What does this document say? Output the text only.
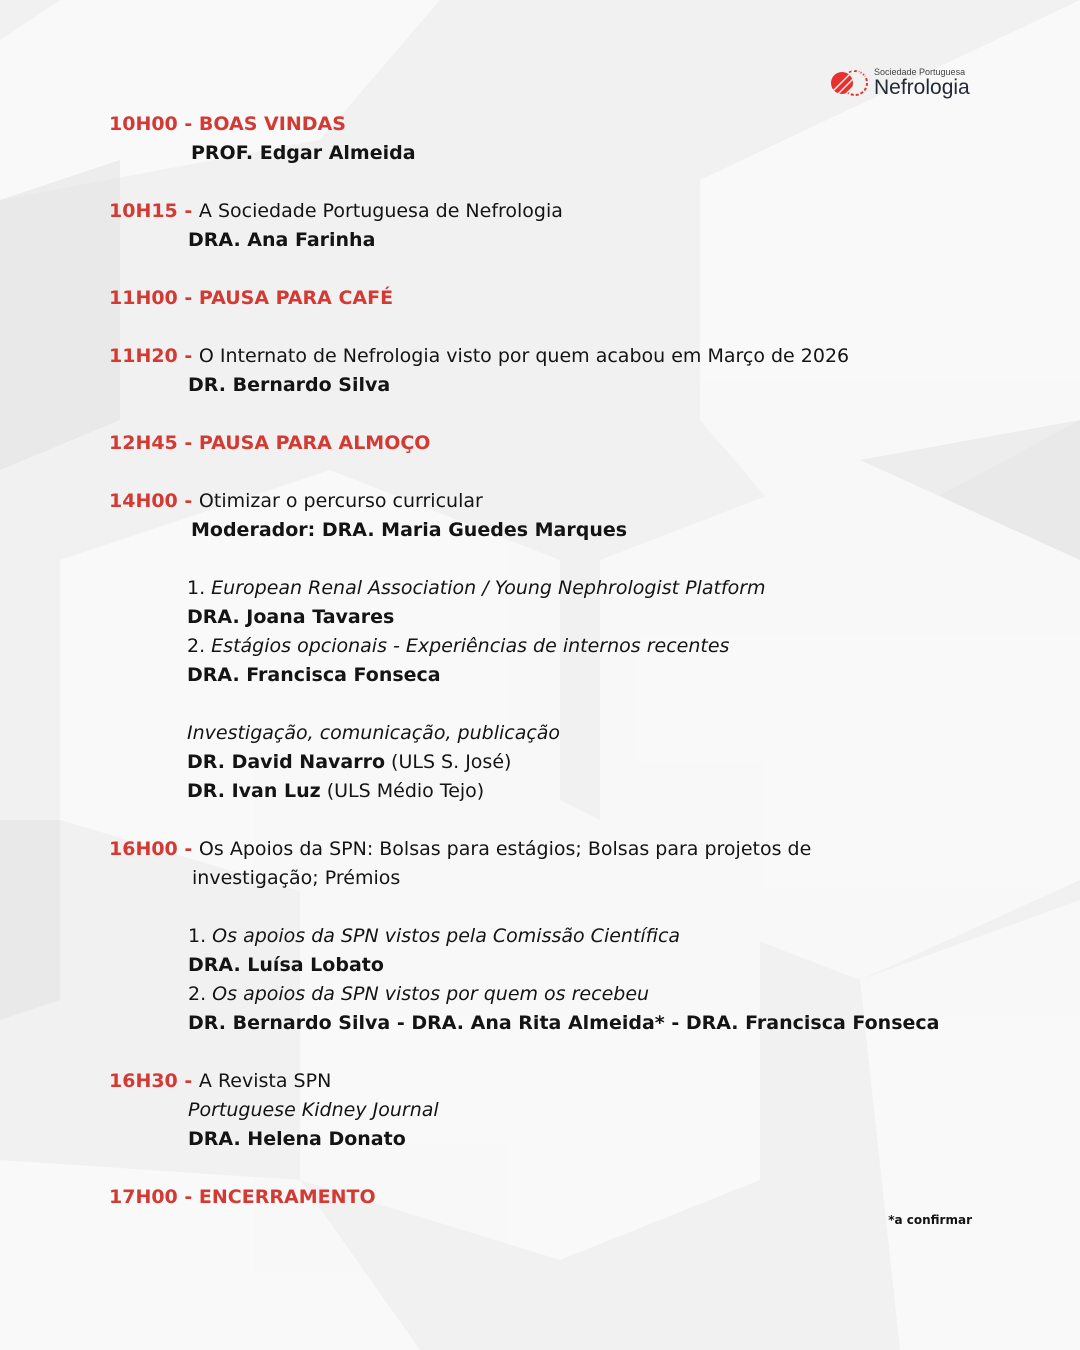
Sociedade Portuguesa
Nefrologia
10H00 - BOAS VINDAS
PROF. Edgar Almeida
10H15 - A Sociedade Portuguesa de Nefrologia
DRA. Ana Farinha
11H00 - PAUSA PARA CAFÉ
11H20 - O Internato de Nefrologia visto por quem acabou em Março de 2026
DR. Bernardo Silva
12H45 - PAUSA PARA ALMOÇO
14H00 - Otimizar o percurso curricular
Moderador: DRA. Maria Guedes Marques
1. European Renal Association / Young Nephrologist Platform
DRA. Joana Tavares
2. Estágios opcionais - Experiências de internos recentes
DRA. Francisca Fonseca
Investigação, comunicação, publicação
DR. David Navarro (ULS S. José)
DR. Ivan Luz (ULS Médio Tejo)
16H00 - Os Apoios da SPN: Bolsas para estágios; Bolsas para projetos de
investigação; Prémios
1. Os apoios da SPN vistos pela Comissão Científica
DRA. Luísa Lobato
2. Os apoios da SPN vistos por quem os recebeu
DR. Bernardo Silva - DRA. Ana Rita Almeida* - DRA. Francisca Fonseca
16H30 - A Revista SPN
Portuguese Kidney Journal
DRA. Helena Donato
17H00 - ENCERRAMENTO
*a confirmar
